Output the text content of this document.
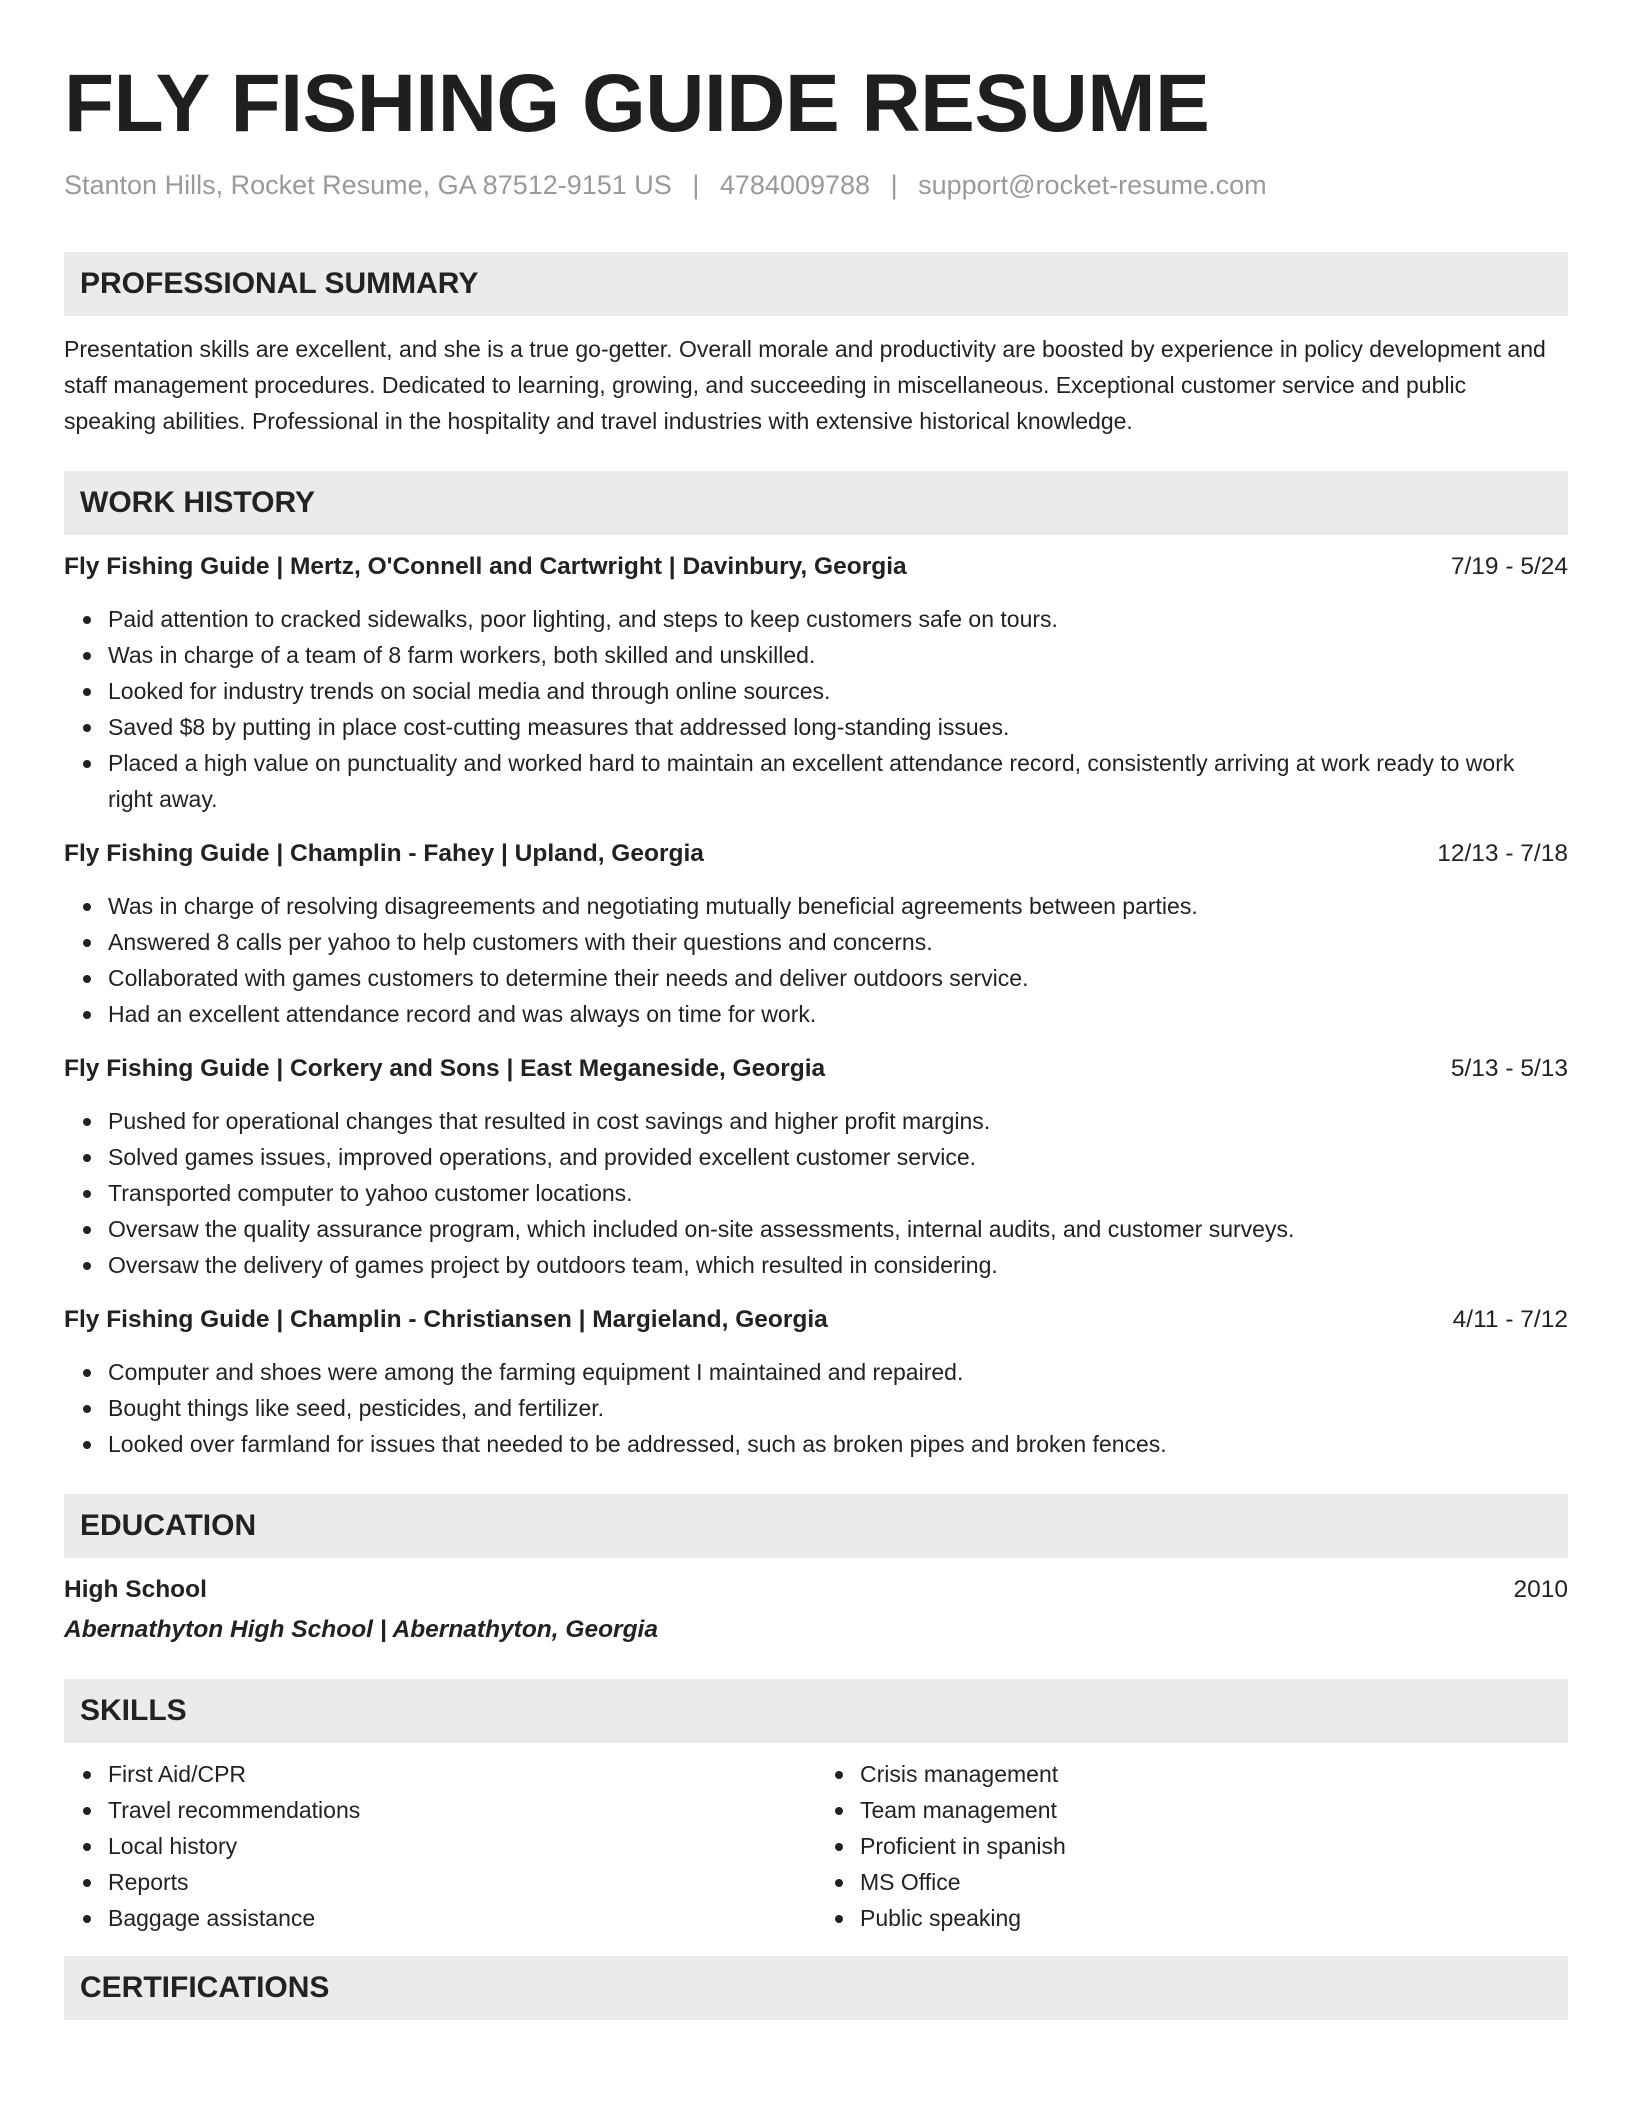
FLY FISHING GUIDE RESUME
Stanton Hills, Rocket Resume, GA 87512-9151 US | 4784009788 | support@rocket-resume.com
PROFESSIONAL SUMMARY

Presentation skills are excellent, and she is a true go-getter. Overall morale and productivity are boosted by experience in policy development and staff management procedures. Dedicated to learning, growing, and succeeding in miscellaneous. Exceptional customer service and public speaking abilities. Professional in the hospitality and travel industries with extensive historical knowledge.

WORK HISTORY
Fly Fishing Guide | Mertz, O'Connell and Cartwright | Davinbury, Georgia	7/19 - 5/24
Paid attention to cracked sidewalks, poor lighting, and steps to keep customers safe on tours.
Was in charge of a team of 8 farm workers, both skilled and unskilled.
Looked for industry trends on social media and through online sources.
Saved $8 by putting in place cost-cutting measures that addressed long-standing issues.
Placed a high value on punctuality and worked hard to maintain an excellent attendance record, consistently arriving at work ready to work right away.
Fly Fishing Guide | Champlin - Fahey | Upland, Georgia	12/13 - 7/18
Was in charge of resolving disagreements and negotiating mutually beneficial agreements between parties.
Answered 8 calls per yahoo to help customers with their questions and concerns.
Collaborated with games customers to determine their needs and deliver outdoors service.
Had an excellent attendance record and was always on time for work.
Fly Fishing Guide | Corkery and Sons | East Meganeside, Georgia	5/13 - 5/13
Pushed for operational changes that resulted in cost savings and higher profit margins.
Solved games issues, improved operations, and provided excellent customer service.
Transported computer to yahoo customer locations.
Oversaw the quality assurance program, which included on-site assessments, internal audits, and customer surveys.
Oversaw the delivery of games project by outdoors team, which resulted in considering.
Fly Fishing Guide | Champlin - Christiansen | Margieland, Georgia	4/11 - 7/12
Computer and shoes were among the farming equipment I maintained and repaired.
Bought things like seed, pesticides, and fertilizer.
Looked over farmland for issues that needed to be addressed, such as broken pipes and broken fences.
EDUCATION
High School	2010
Abernathyton High School | Abernathyton, Georgia
SKILLS
First Aid/CPR
Travel recommendations
Local history
Reports
Baggage assistance
Crisis management
Team management
Proficient in spanish
MS Office
Public speaking
CERTIFICATIONS
